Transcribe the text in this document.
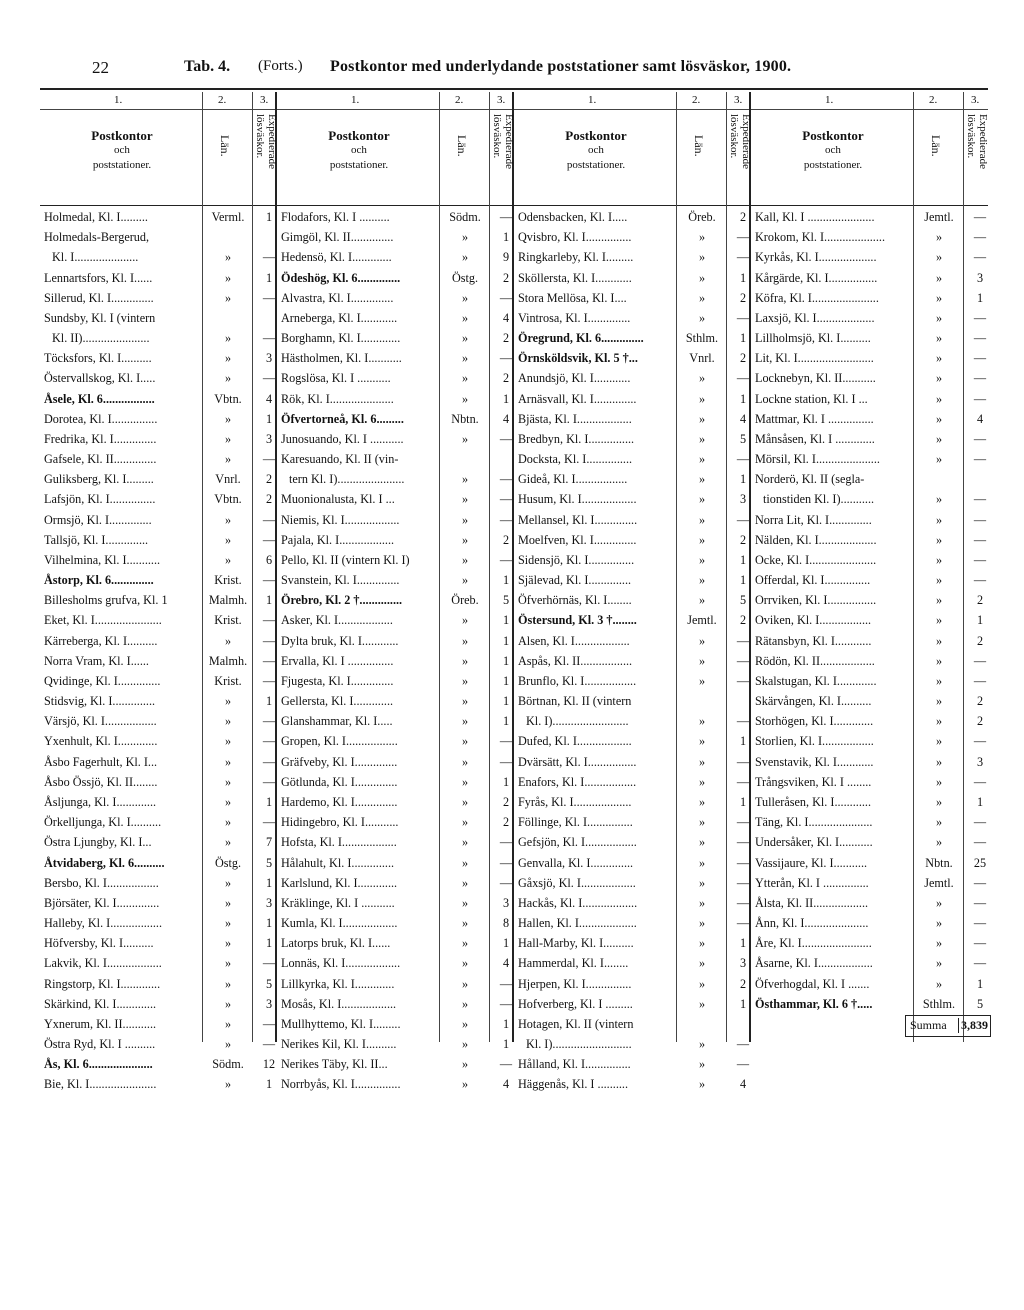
22	Tab. 4. (Forts.) Postkontor med underlydande poststationer samt lösväskor, 1900.
1.	2.	3.
Postkontor
och
poststationer.
Län.	Expedierade
lösväskor.
1.	2.	3.
Postkontor
och
poststationer.
Län.	Expedierade
lösväskor.
1.	2.	3.
Postkontor
och
poststationer.
Län.	Expedierade
lösväskor.
1.	2.	3.
Postkontor
och
poststationer.
Län.	Expedierade
lösväskor.
Holmedal, Kl. I.........	Verml.	1
Holmedals-Bergerud,
Kl. I.....................	»	—
Lennartsfors, Kl. I......	»	1
Sillerud, Kl. I..............	»	—
Sundsby, Kl. I (vintern
Kl. II)......................	»	—
Töcksfors, Kl. I..........	»	3
Östervallskog, Kl. I.....	»	—
Åsele, Kl. 6.................	Vbtn.	4
Dorotea, Kl. I...............	»	1
Fredrika, Kl. I..............	»	3
Gafsele, Kl. II..............	»	—
Guliksberg, Kl. I.........	Vnrl.	2
Lafsjön, Kl. I...............	Vbtn.	2
Ormsjö, Kl. I..............	»	—
Tallsjö, Kl. I..............	»	—
Vilhelmina, Kl. I...........	»	6
Åstorp, Kl. 6..............	Krist.	—
Billesholms grufva, Kl. 1	Malmh.	1
Eket, Kl. I......................	Krist.	—
Kärreberga, Kl. I..........	»	—
Norra Vram, Kl. I......	Malmh.	—
Qvidinge, Kl. I..............	Krist.	—
Stidsvig, Kl. I..............	»	1
Värsjö, Kl. I.................	»	—
Yxenhult, Kl. I.............	»	—
Åsbo Fagerhult, Kl. I...	»	—
Åsbo Össjö, Kl. II........	»	—
Åsljunga, Kl. I.............	»	1
Örkelljunga, Kl. I..........	»	—
Östra Ljungby, Kl. I...	»	7
Åtvidaberg, Kl. 6..........	Östg.	5
Bersbo, Kl. I.................	»	1
Björsäter, Kl. I..............	»	3
Halleby, Kl. I.................	»	1
Höfversby, Kl. I..........	»	1
Lakvik, Kl. I..................	»	—
Ringstorp, Kl. I.............	»	5
Skärkind, Kl. I.............	»	3
Yxnerum, Kl. II...........	»	—
Östra Ryd, Kl. I ..........	»	—
Ås, Kl. 6.....................	Södm.	12
Bie, Kl. I......................	»	1
Flodafors, Kl. I ..........	Södm.	—
Gimgöl, Kl. II..............	»	1
Hedensö, Kl. I.............	»	9
Ödeshög, Kl. 6..............	Östg.	2
Alvastra, Kl. I..............	»	—
Arneberga, Kl. I............	»	4
Borghamn, Kl. I.............	»	2
Hästholmen, Kl. I...........	»	—
Rogslösa, Kl. I ...........	»	2
Rök, Kl. I.....................	»	1
Öfvertorneå, Kl. 6.........	Nbtn.	4
Junosuando, Kl. I ...........	»	—
Karesuando, Kl. II (vin-
tern Kl. I)......................	»	—
Muonionalusta, Kl. I ...	»	—
Niemis, Kl. I..................	»	—
Pajala, Kl. I..................	»	2
Pello, Kl. II (vintern Kl. I)	»	—
Svanstein, Kl. I..............	»	1
Örebro, Kl. 2 †..............	Öreb.	5
Asker, Kl. I..................	»	1
Dylta bruk, Kl. I............	»	1
Ervalla, Kl. I ...............	»	1
Fjugesta, Kl. I..............	»	1
Gellersta, Kl. I.............	»	1
Glanshammar, Kl. I.....	»	1
Gropen, Kl. I.................	»	—
Gräfveby, Kl. I..............	»	—
Götlunda, Kl. I..............	»	1
Hardemo, Kl. I..............	»	2
Hidingebro, Kl. I...........	»	2
Hofsta, Kl. I..................	»	—
Hålahult, Kl. I..............	»	—
Karlslund, Kl. I.............	»	—
Kräklinge, Kl. I ...........	»	3
Kumla, Kl. I..................	»	8
Latorps bruk, Kl. I......	»	1
Lonnäs, Kl. I..................	»	4
Lillkyrka, Kl. I.............	»	—
Mosås, Kl. I..................	»	—
Mullhyttemo, Kl. I.........	»	1
Nerikes Kil, Kl. I..........	»	1
Nerikes Täby, Kl. II...	»	—
Norrbyås, Kl. I...............	»	4
Odensbacken, Kl. I.....	Öreb.	2
Qvisbro, Kl. I...............	»	—
Ringkarleby, Kl. I.........	»	—
Sköllersta, Kl. I............	»	1
Stora Mellösa, Kl. I....	»	2
Vintrosa, Kl. I..............	»	—
Öregrund, Kl. 6..............	Sthlm.	1
Örnsköldsvik, Kl. 5 †...	Vnrl.	2
Anundsjö, Kl. I............	»	—
Arnäsvall, Kl. I..............	»	1
Bjästa, Kl. I..................	»	4
Bredbyn, Kl. I...............	»	5
Docksta, Kl. I...............	»	—
Gideå, Kl. I.................	»	1
Husum, Kl. I..................	»	3
Mellansel, Kl. I..............	»	—
Moelfven, Kl. I..............	»	2
Sidensjö, Kl. I...............	»	1
Själevad, Kl. I..............	»	1
Öfverhörnäs, Kl. I........	»	5
Östersund, Kl. 3 †........	Jemtl.	2
Alsen, Kl. I..................	»	—
Aspås, Kl. II.................	»	—
Brunflo, Kl. I.................	»	—
Börtnan, Kl. II (vintern
Kl. I).........................	»	—
Dufed, Kl. I..................	»	1
Dvärsätt, Kl. I................	»	—
Enafors, Kl. I.................	»	—
Fyrås, Kl. I...................	»	1
Föllinge, Kl. I...............	»	—
Gefsjön, Kl. I.................	»	—
Genvalla, Kl. I..............	»	—
Gåxsjö, Kl. I..................	»	—
Hackås, Kl. I..................	»	—
Hallen, Kl. I...................	»	—
Hall-Marby, Kl. I..........	»	1
Hammerdal, Kl. I........	»	3
Hjerpen, Kl. I...............	»	2
Hofverberg, Kl. I .........	»	1
Hotagen, Kl. II (vintern
Kl. I)..........................	»	—
Hålland, Kl. I...............	»	—
Häggenås, Kl. I ..........	»	4
Kall, Kl. I ......................	Jemtl.	—
Krokom, Kl. I....................	»	—
Kyrkås, Kl. I...................	»	—
Kårgärde, Kl. I................	»	3
Köfra, Kl. I......................	»	1
Laxsjö, Kl. I...................	»	—
Lillholmsjö, Kl. I..........	»	—
Lit, Kl. I.........................	»	—
Locknebyn, Kl. II...........	»	—
Lockne station, Kl. I ...	»	—
Mattmar, Kl. I ...............	»	4
Månsåsen, Kl. I .............	»	—
Mörsil, Kl. I.....................	»	—
Norderö, Kl. II (segla-
tionstiden Kl. I)...........	»	—
Norra Lit, Kl. I..............	»	—
Nälden, Kl. I...................	»	—
Ocke, Kl. I......................	»	—
Offerdal, Kl. I...............	»	—
Orrviken, Kl. I................	»	2
Oviken, Kl. I.................	»	1
Rätansbyn, Kl. I............	»	2
Rödön, Kl. II..................	»	—
Skalstugan, Kl. I.............	»	—
Skärvången, Kl. I..........	»	2
Storhögen, Kl. I.............	»	2
Storlien, Kl. I.................	»	—
Svenstavik, Kl. I............	»	3
Trångsviken, Kl. I ........	»	—
Tulleråsen, Kl. I............	»	1
Täng, Kl. I.....................	»	—
Undersåker, Kl. I...........	»	—
Vassijaure, Kl. I...........	Nbtn.	25
Ytterån, Kl. I ...............	Jemtl.	—
Ålsta, Kl. II..................	»	—
Ånn, Kl. I.....................	»	—
Åre, Kl. I.......................	»	—
Åsarne, Kl. I..................	»	—
Öfverhogdal, Kl. I .......	»	1
Östhammar, Kl. 6 †.....	Sthlm.	5
Summa 3,839
